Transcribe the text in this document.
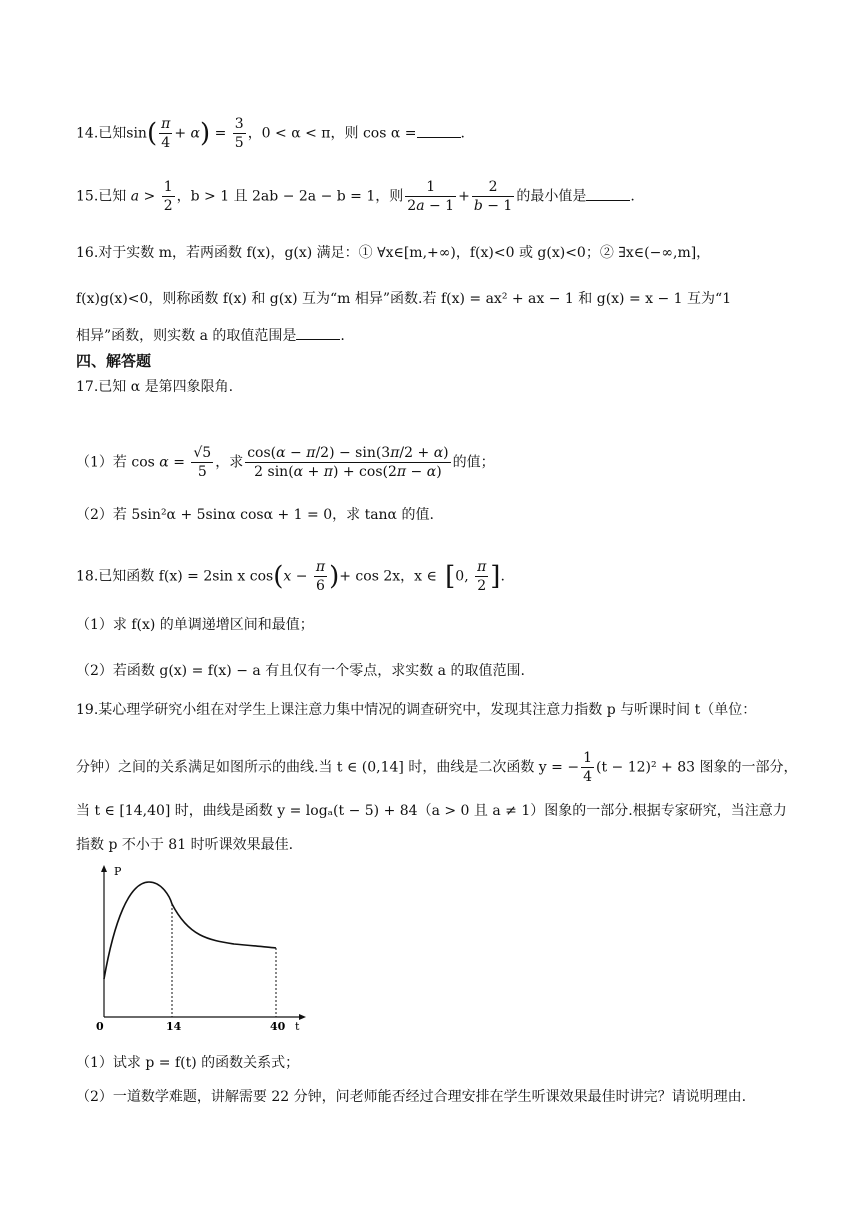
14.已知$\sin( \frac{\pi}{4} + \alpha) = \frac{3}{5}$ ，0 < α < π，则 cos α =	.
15.已知 $a > \frac{1}{2}$ ，b > 1 且 2ab − 2a − b = 1，则 $\frac{1}{2a - 1} + \frac{2}{b - 1}$ 的最小值是	.
16.对于实数 m，若两函数 f(x)，g(x) 满足：① ∀x∈[m,+∞)，f(x)<0 或 g(x)<0；② ∃x∈(−∞,m]，
f(x)g(x)<0，则称函数 f(x) 和 g(x) 互为“m 相异”函数.若 f(x) = ax² + ax − 1 和 g(x) = x − 1 互为“1
相异”函数，则实数 a 的取值范围是	.
四、解答题
17.已知 α 是第四象限角.
（1）若 $\cos \alpha = \frac{√5}{5}$ ，求 $\frac{\cos(\alpha - \pi/2) - \sin(3\pi/2 + \alpha)}{2 \sin(\alpha + \pi) + \cos(2\pi - \alpha)}$ 的值；
（2）若 5sin²α + 5sinα cosα + 1 = 0，求 tanα 的值.
18.已知函数 f(x) = 2sin x $\cos(x - \frac{\pi}{6}$ )+ cos 2x，x ∈ [0, $\frac{\pi}{2}$ ].
（1）求 f(x) 的单调递增区间和最值；
（2）若函数 g(x) = f(x) − a 有且仅有一个零点，求实数 a 的取值范围.
19.某心理学研究小组在对学生上课注意力集中情况的调查研究中，发现其注意力指数 p 与听课时间 t（单位：
分钟）之间的关系满足如图所示的曲线.当 t ∈ (0,14] 时，曲线是二次函数 y = − $\frac{1}{4} (t - 12)^2 + 83$ 图象的一部分，
当 t ∈ [14,40] 时，曲线是函数 y = logₐ(t − 5) + 84（a > 0 且 a ≠ 1）图象的一部分.根据专家研究，当注意力
指数 p 不小于 81 时听课效果最佳.
P
0	14	40 t
（1）试求 p = f(t) 的函数关系式；
（2）一道数学难题，讲解需要 22 分钟，问老师能否经过合理安排在学生听课效果最佳时讲完？请说明理由.
